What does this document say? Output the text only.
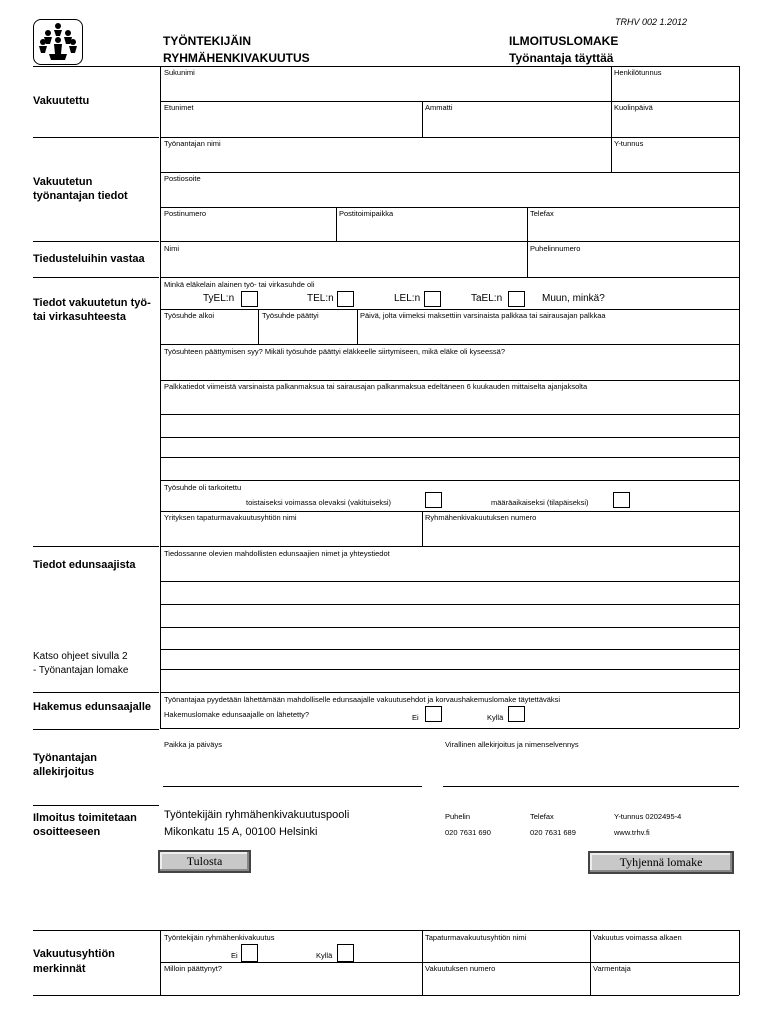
TRHV 002 1.2012
TYÖNTEKIJÄIN
RYHMÄHENKIVAKUUTUS
ILMOITUSLOMAKE
Työnantaja täyttää
Vakuutettu
Vakuutetun
työnantajan tiedot
Tiedusteluihin vastaa
Tiedot vakuutetun työ-
tai virkasuhteesta
Tiedot edunsaajista
Katso ohjeet sivulla 2
- Työnantajan lomake
Hakemus edunsaajalle
Työnantajan
allekirjoitus
Ilmoitus toimitetaan
osoitteeseen
Vakuutusyhtiön
merkinnät
Sukunimi	Henkilötunnus
Etunimet	Ammatti	Kuolinpäivä
Työnantajan nimi	Y-tunnus
Postiosoite
Postinumero	Postitoimipaikka	Telefax
Nimi	Puhelinnumero
Minkä eläkelain alainen työ- tai virkasuhde oli
TyEL:n	TEL:n	LEL:n	TaEL:n	Muun, minkä?
Työsuhde alkoi	Työsuhde päättyi	Päivä, jolta viimeksi maksettiin varsinaista palkkaa tai sairausajan palkkaa
Työsuhteen päättymisen syy? Mikäli työsuhde päättyi eläkkeelle siirtymiseen, mikä eläke oli kyseessä?
Palkkatiedot viimeistä varsinaista palkanmaksua tai sairausajan palkanmaksua edeltäneen 6 kuukauden mittaiselta ajanjaksolta
Työsuhde oli tarkoitettu
toistaiseksi voimassa olevaksi (vakituiseksi)	määräaikaiseksi (tilapäiseksi)
Yrityksen tapaturmavakuutusyhtiön nimi	Ryhmähenkivakuutuksen numero
Tiedossanne olevien mahdollisten edunsaajien nimet ja yhteystiedot
Työnantajaa pyydetään lähettämään mahdolliselle edunsaajalle vakuutusehdot ja korvaushakemuslomake täytettäväksi
Hakemuslomake edunsaajalle on lähetetty?	Ei	Kyllä
Paikka ja päiväys	Virallinen allekirjoitus ja nimenselvennys
Työntekijäin ryhmähenkivakuutuspooli
Mikonkatu 15 A, 00100 Helsinki
Puhelin
020 7631 690
Telefax
020 7631 689
Y-tunnus 0202495-4
www.trhv.fi
Tulosta	Tyhjennä lomake
Työntekijäin ryhmähenkivakuutus
Ei	Kyllä
Tapaturmavakuutusyhtiön nimi	Vakuutus voimassa alkaen
Milloin päättynyt?	Vakuutuksen numero	Varmentaja
